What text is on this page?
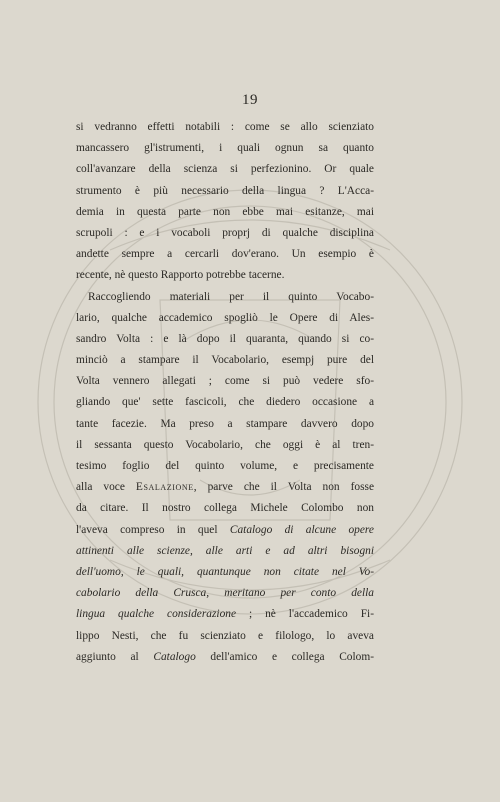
19
si vedranno effetti notabili : come se allo scienziato
mancassero gl'istrumenti, i quali ognun sa quanto
coll'avanzare della scienza si perfezionino. Or quale
strumento è più necessario della lingua ? L'Acca-
demia in questa parte non ebbe mai esitanze, mai
scrupoli : e i vocaboli proprj di qualche disciplina
andette sempre a cercarli dov'erano. Un esempio è
recente, nè questo Rapporto potrebbe tacerne.
Raccogliendo materiali per il quinto Vocabo-
lario, qualche accademico spogliò le Opere di Ales-
sandro Volta : e là dopo il quaranta, quando si co-
minciò a stampare il Vocabolario, esempj pure del
Volta vennero allegati ; come si può vedere sfo-
gliando que' sette fascicoli, che diedero occasione a
tante facezie. Ma preso a stampare davvero dopo
il sessanta questo Vocabolario, che oggi è al tren-
tesimo foglio del quinto volume, e precisamente
alla voce Esalazione, parve che il Volta non fosse
da citare. Il nostro collega Michele Colombo non
l'aveva compreso in quel Catalogo di alcune opere
attinenti alle scienze, alle arti e ad altri bisogni
dell'uomo, le quali, quantunque non citate nel Vo-
cabolario della Crusca, meritano per conto della
lingua qualche considerazione ; nè l'accademico Fi-
lippo Nesti, che fu scienziato e filologo, lo aveva
aggiunto al Catalogo dell'amico e collega Colom-
